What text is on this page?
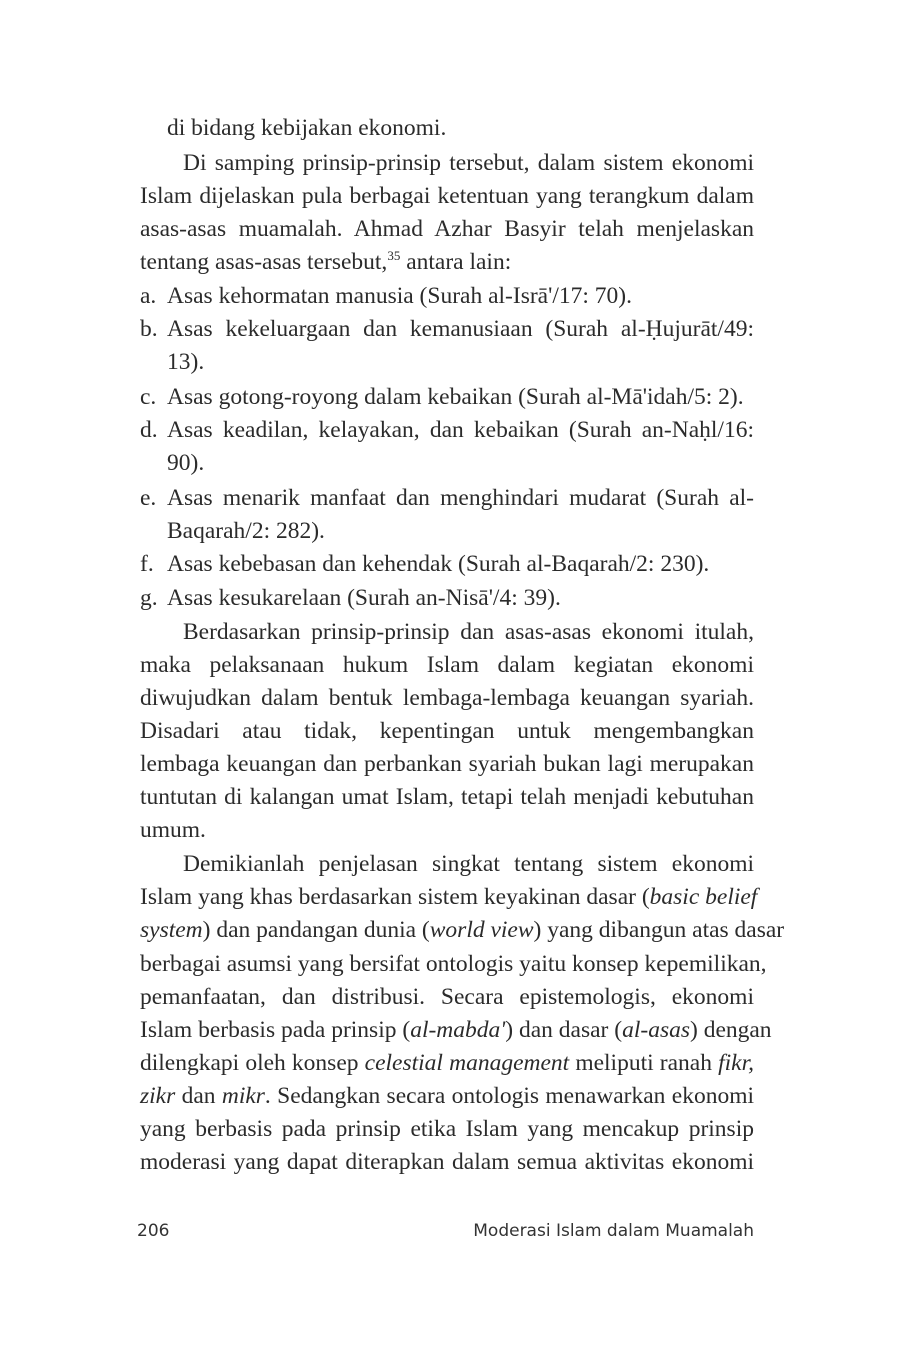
di bidang kebijakan ekonomi.
Di samping prinsip-prinsip tersebut, dalam sistem ekonomi
Islam dijelaskan pula berbagai ketentuan yang terangkum dalam
asas-asas muamalah. Ahmad Azhar Basyir telah menjelaskan
tentang asas-asas tersebut,$^{35}$ antara lain:
a. Asas kehormatan manusia (Surah al-Isrā'/17: 70).
b. Asas kekeluargaan dan kemanusiaan (Surah al-Ḥujurāt/49:
13).
c. Asas gotong-royong dalam kebaikan (Surah al-Mā'idah/5: 2).
d. Asas keadilan, kelayakan, dan kebaikan (Surah an-Naḥl/16:
90).
e. Asas menarik manfaat dan menghindari mudarat (Surah al-
Baqarah/2: 282).
f. Asas kebebasan dan kehendak (Surah al-Baqarah/2: 230).
g. Asas kesukarelaan (Surah an-Nisā'/4: 39).
Berdasarkan prinsip-prinsip dan asas-asas ekonomi itulah,
maka pelaksanaan hukum Islam dalam kegiatan ekonomi
diwujudkan dalam bentuk lembaga-lembaga keuangan syariah.
Disadari atau tidak, kepentingan untuk mengembangkan
lembaga keuangan dan perbankan syariah bukan lagi merupakan
tuntutan di kalangan umat Islam, tetapi telah menjadi kebutuhan
umum.
Demikianlah penjelasan singkat tentang sistem ekonomi
Islam yang khas berdasarkan sistem keyakinan dasar (basic belief
system) dan pandangan dunia (world view) yang dibangun atas dasar
berbagai asumsi yang bersifat ontologis yaitu konsep kepemilikan,
pemanfaatan, dan distribusi. Secara epistemologis, ekonomi
Islam berbasis pada prinsip (al-mabda') dan dasar (al-asas) dengan
dilengkapi oleh konsep celestial management meliputi ranah fikr,
zikr dan mikr. Sedangkan secara ontologis menawarkan ekonomi
yang berbasis pada prinsip etika Islam yang mencakup prinsip
moderasi yang dapat diterapkan dalam semua aktivitas ekonomi
206	Moderasi Islam dalam Muamalah
